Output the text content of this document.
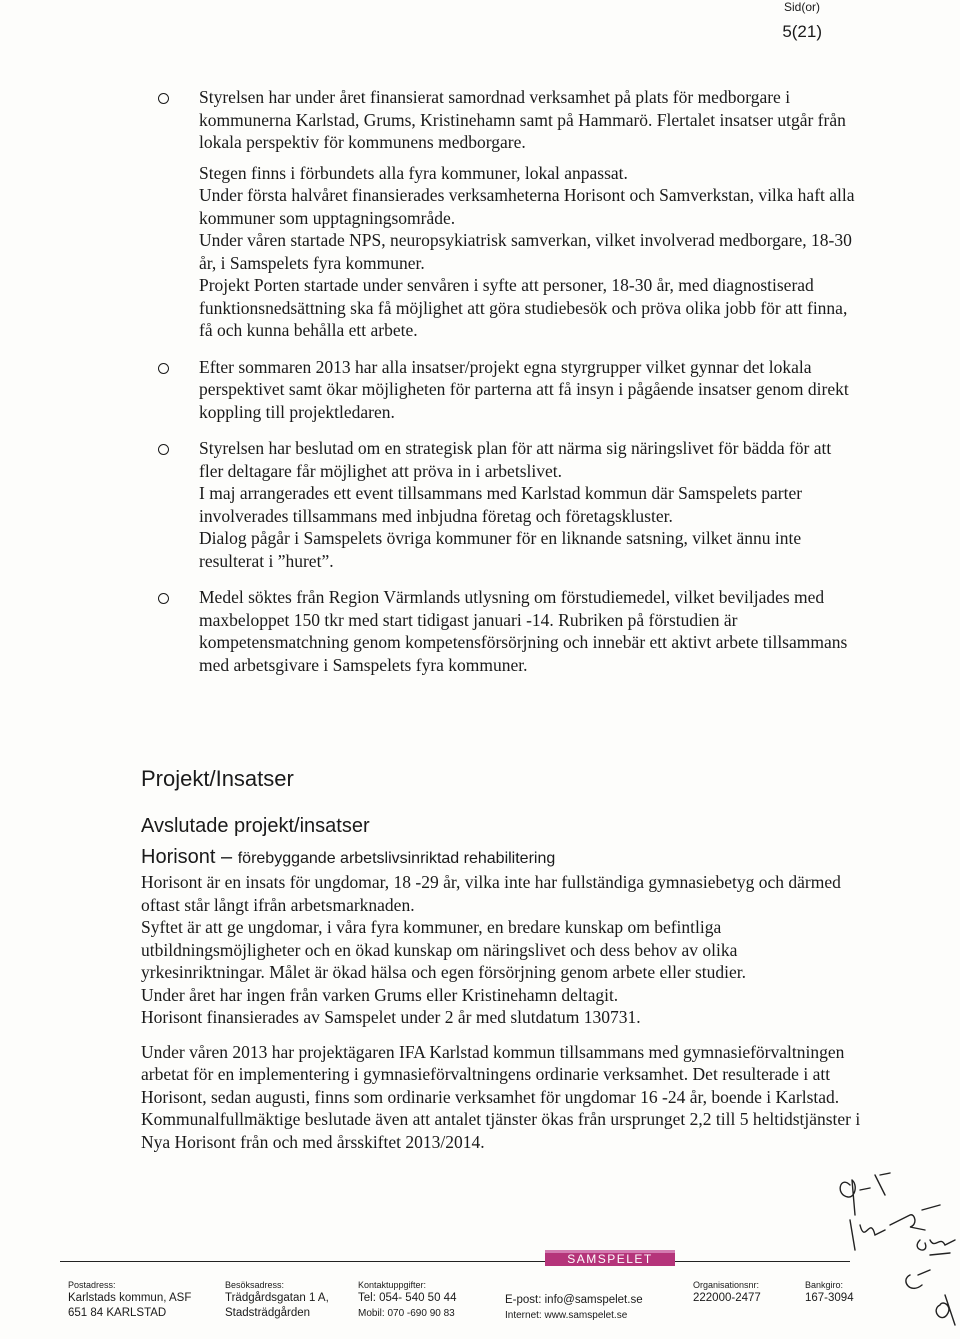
Sid(or)
5(21)

Styrelsen har under året finansierat samordnad verksamhet på plats för medborgare i kommunerna Karlstad, Grums, Kristinehamn samt på Hammarö. Flertalet insatser utgår från lokala perspektiv för kommunens medborgare.

Stegen finns i förbundets alla fyra kommuner, lokal anpassat.

Under första halvåret finansierades verksamheterna Horisont och Samverkstan, vilka haft alla kommuner som upptagningsområde.

Under våren startade NPS, neuropsykiatrisk samverkan, vilket involverad medborgare, 18-30 år, i Samspelets fyra kommuner.

Projekt Porten startade under senvåren i syfte att personer, 18-30 år, med diagnostiserad funktionsnedsättning ska få möjlighet att göra studiebesök och pröva olika jobb för att finna, få och kunna behålla ett arbete.

Efter sommaren 2013 har alla insatser/projekt egna styrgrupper vilket gynnar det lokala perspektivet samt ökar möjligheten för parterna att få insyn i pågående insatser genom direkt koppling till projektledaren.

Styrelsen har beslutad om en strategisk plan för att närma sig näringslivet för bädda för att fler deltagare får möjlighet att pröva in i arbetslivet.

I maj arrangerades ett event tillsammans med Karlstad kommun där Samspelets parter involverades tillsammans med inbjudna företag och företagskluster.

Dialog pågår i Samspelets övriga kommuner för en liknande satsning, vilket ännu inte resulterat i ”huret”.

Medel söktes från Region Värmlands utlysning om förstudiemedel, vilket beviljades med maxbeloppet 150 tkr med start tidigast januari -14. Rubriken på förstudien är kompetensmatchning genom kompetensförsörjning och innebär ett aktivt arbete tillsammans med arbetsgivare i Samspelets fyra kommuner.

Projekt/Insatser
Avslutade projekt/insatser
Horisont – förebyggande arbetslivsinriktad rehabilitering

Horisont är en insats för ungdomar, 18 -29 år, vilka inte har fullständiga gymnasiebetyg och därmed oftast står långt ifrån arbetsmarknaden.

Syftet är att ge ungdomar, i våra fyra kommuner, en bredare kunskap om befintliga utbildningsmöjligheter och en ökad kunskap om näringslivet och dess behov av olika yrkesinriktningar. Målet är ökad hälsa och egen försörjning genom arbete eller studier.

Under året har ingen från varken Grums eller Kristinehamn deltagit.

Horisont finansierades av Samspelet under 2 år med slutdatum 130731.

Under våren 2013 har projektägaren IFA Karlstad kommun tillsammans med gymnasieförvaltningen arbetat för en implementering i gymnasieförvaltningens ordinarie verksamhet. Det resulterade i att Horisont, sedan augusti, finns som ordinarie verksamhet för ungdomar 16 -24 år, boende i Karlstad.

Kommunalfullmäktige beslutade även att antalet tjänster ökas från ursprunget 2,2 till 5 heltidstjänster i Nya Horisont från och med årsskiftet 2013/2014.

SAMSPELET
Postadress:
Karlstads kommun, ASF
651 84 KARLSTAD
Besöksadress:
Trädgårdsgatan 1 A,
Stadsträdgården
Kontaktuppgifter:
Tel: 054- 540 50 44
Mobil: 070 -690 90 83
E-post: info@samspelet.se
Internet: www.samspelet.se
Organisationsnr:
222000-2477
Bankgiro:
167-3094
